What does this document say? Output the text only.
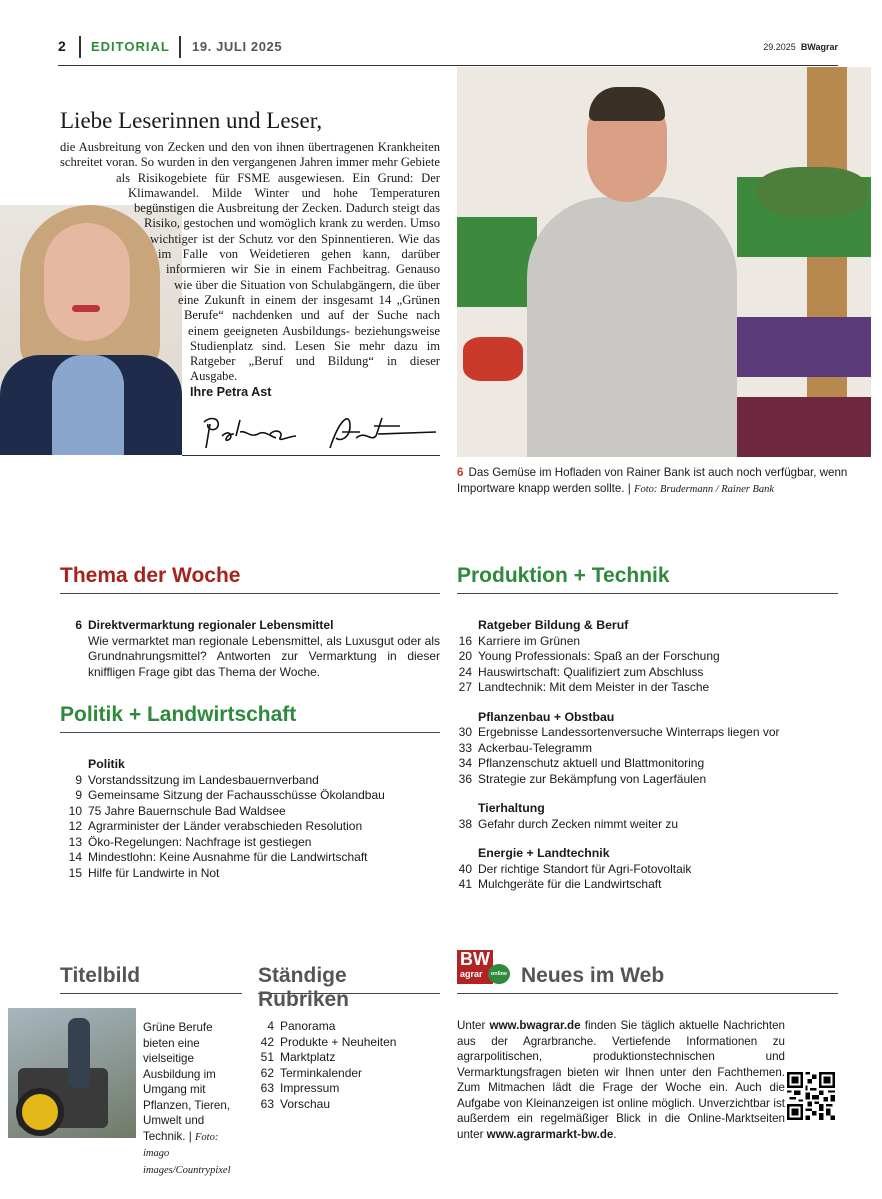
2 EDITORIAL 19. JULI 2025	29.2025 BWagrar
Liebe Leserinnen und Leser,
die Ausbreitung von Zecken und den von ihnen übertragenen Krankheiten schreitet voran. So wurden in den vergangenen Jahren immer mehr Gebiete als Risikogebiete für FSME ausgewiesen. Ein Grund: Der Klimawandel. Milde Winter und hohe Temperaturen begünstigen die Ausbreitung der Zecken. Dadurch steigt das Risiko, gestochen und womöglich krank zu werden. Umso wichtiger ist der Schutz vor den Spinnentieren. Wie das im Falle von Weidetieren gehen kann, darüber informieren wir Sie in einem Fachbeitrag. Genauso wie über die Situation von Schulabgängern, die über eine Zukunft in einem der insgesamt 14 „Grünen Berufe“ nachdenken und auf der Suche nach einem geeigneten Ausbildungs- beziehungsweise Studienplatz sind. Lesen Sie mehr dazu im Ratgeber „Beruf und Bildung“ in dieser Ausgabe.
Ihre Petra Ast
6 Das Gemüse im Hofladen von Rainer Bank ist auch noch verfügbar, wenn Importware knapp werden sollte. | Foto: Brudermann / Rainer Bank
Thema der Woche
6 Direktvermarktung regionaler Lebensmittel
Wie vermarktet man regionale Lebensmittel, als Luxusgut oder als Grundnahrungsmittel? Antworten zur Vermarktung in dieser kniffligen Frage gibt das Thema der Woche.
Politik + Landwirtschaft
Politik
9 Vorstandssitzung im Landesbauernverband
9 Gemeinsame Sitzung der Fachausschüsse Ökolandbau
10 75 Jahre Bauernschule Bad Waldsee
12 Agrarminister der Länder verabschieden Resolution
13 Öko-Regelungen: Nachfrage ist gestiegen
14 Mindestlohn: Keine Ausnahme für die Landwirtschaft
15 Hilfe für Landwirte in Not
Produktion + Technik
Ratgeber Bildung & Beruf
16 Karriere im Grünen
20 Young Professionals: Spaß an der Forschung
24 Hauswirtschaft: Qualifiziert zum Abschluss
27 Landtechnik: Mit dem Meister in der Tasche
Pflanzenbau + Obstbau
30 Ergebnisse Landessortenversuche Winterraps liegen vor
33 Ackerbau-Telegramm
34 Pflanzenschutz aktuell und Blattmonitoring
36 Strategie zur Bekämpfung von Lagerfäulen
Tierhaltung
38 Gefahr durch Zecken nimmt weiter zu
Energie + Landtechnik
40 Der richtige Standort für Agri-Fotovoltaik
41 Mulchgeräte für die Landwirtschaft
Titelbild
Grüne Berufe bieten eine vielseitige Ausbildung im Umgang mit Pflanzen, Tieren, Umwelt und Technik. | Foto: imago images/Countrypixel
Ständige Rubriken
4 Panorama
42 Produkte + Neuheiten
51 Marktplatz
62 Terminkalender
63 Impressum
63 Vorschau
Neues im Web
BW
agrar	online
Unter www.bwagrar.de finden Sie täglich aktuelle Nachrichten aus der Agrarbranche. Vertiefende Informationen zu agrarpolitischen, produktionstechnischen und Vermarktungsfragen bieten wir Ihnen unter den Fachthemen. Zum Mitmachen lädt die Frage der Woche ein. Auch die Aufgabe von Kleinanzeigen ist online möglich. Unverzichtbar ist außerdem ein regelmäßiger Blick in die Online-Marktseiten unter www.agrarmarkt-bw.de.
